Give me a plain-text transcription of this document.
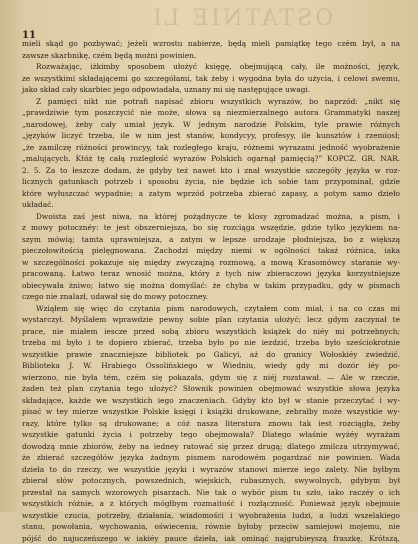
OSTATNIE LI
11
mieli skąd go pozbywać; jeżeli wzrostu nabierze, będą mieli pamiątkę tego czém był, a na
zawsze skarbnikę, czém będą możni powinien.
Rozważając, iżkimby sposobem ułożyć księgę, obejmującą cały, ile możności, język,
ze wszystkimi składającemi go szczegółami, tak żeby i wygodna była do użycia, i celowi swemu,
jako skład cały skarbiec jego odpowiadała, uznany mi się następujące uwagi.
Z pamięci nikt nie potrafi napisać zbioru wszystkich wyrazów, bo naprzód: „nikt się
„prawdziwie tym poszczycić nie może, słowa są niezmierzalnego autora Grammatyki naszej
„narodowej, żeby cały umiał język. W jednym narodzie Polskim, tyle prawie różnych
„języków liczyć trzeba, ile w nim jest stanów, kondycyy, profesyy, ile kunsztów i rzemiosł;
„że zamilczę różności prowincyy, tak rozległego kraju, różnemi wyrazami jedność wyobrażenie
„malujących. Któż tę całą rozległość wyrazów Polskich ogarnął pamięcią?” KOPCZ. GR. NAR.
2. 5. Za to łeszcze dodam, że gdyby też nawet kto i znał wszystkie szczegóły języka w roz-
licznych gatunkach potrzeb i sposobu życia, nie będzie ich sobie tam przypominał, gdzie
które wyłuszczać wypadnie; a zatym wprzód potrzeba zbierać zapasy, a potym samo dzieło
układać.
Dwoista zaś jest niwa, na której pożądnycze te klosy zgromadzać można, a pism, i
z mowy potocznéy: te jest obszerniejsza, bo się rozciąga wszędzie, gdzie tylko językiem na-
szym mówią; tamta uprawniejsza, a zatym w lepsze urodzaje płodniejsza, bo z większą
pieczołowitością pielęgnowana. Zachodzi między niemi w ogólności takaż różnica, iaka
w szczególności pokazuje się między zwyczajną rozmową, a mową Krasomówcy staranie wy-
pracowaną. Łatwo teraz wnosić można, który z tych niw zbieraczowi języka korzystniejsze
obiecywała żniwo; łatwo się można domyślać: że chyba w takim przypadku, gdy w pismach
czego nie znalazł, udawał się do mowy potoczney.
Wziąłem się więc do czytania pism narodowych, czytałem com miał, i na co czas mi
wystarczył. Myślałem wprawdzie pewny sobie plan czytania ułożyć; lecz gdym zaczynał te
prace, nie miałem iescze przed sobą zbioru wszystkich książek do niéy mi potrzebnych;
trzeba mi było i te dopiero zbierać, trzeba było po nie iezdzić, trzeba było sześciokrotnie
wszystkie prawie znaczniejsze bibliotek po Galicyi, aż do granicy Wołoskiéy zwiedzić.
Biblioteka J. W. Hrabiego Ossolińskiego w Wiedniu, wiedy gdy mi dozór iéy po-
wierzono, nie była tém, czém się pokazała, gdym się z niéj rozstawał. — Ale w rzeczie,
żaden też plan czytania tego ułożyć? Słownik powinien obejmować wszystkie słowa języka
składające, każde we wszystkich iego znaczeniach. Gdyby kto był w stanie przeczytać i wy-
pisać w tey mierze wszystkie Polskie księgi i książki drukowane, zebrałby może wszystkie wy-
razy, które tylko są drukowane; a cóż nasza literatura znowu tak iest rozciągła, żeby
wszystkie gatunki życia i potrzeby tego obejmowała? Dlatego właśnie wyżéy wyrażam
dowodzą mnie zbiorów, żeby na iedney ratować się przez drugą; dlatego zmilcza utrzymywać,
że zbierać szczegółów języka żadnym pismem narodowém pogardzać nie powinien. Wada
dzieła to do rzeczy, we wszystkie języki i wyrazów stanowi mierze iego zalety. Nie byłbym
zbierał słów potocznych, powszednich, wiejskich, rubasznych, swywolnych, gdybym był
przestał na samych wzorowych pisarzach. Nie tak o wybór pism tu szło, iako raczéy o ich
wszystkich różnie, a z których mógłbym rozmaitość i rozłączność. Ponieważ język obejmuie
wszystkie czucia, potrzeby, działania, wiadomości i wyobrażenia ludzi, a ludzi wszelakiego
stanu, powołania, wychowania, oświecenia, równie byłoby przeciw samiejowi mojemu, nie
pójść do najuczeńszego w iakiéy pauce dzieła, iak ominąć najgrubieyszą fraszkę, Krótszą,
